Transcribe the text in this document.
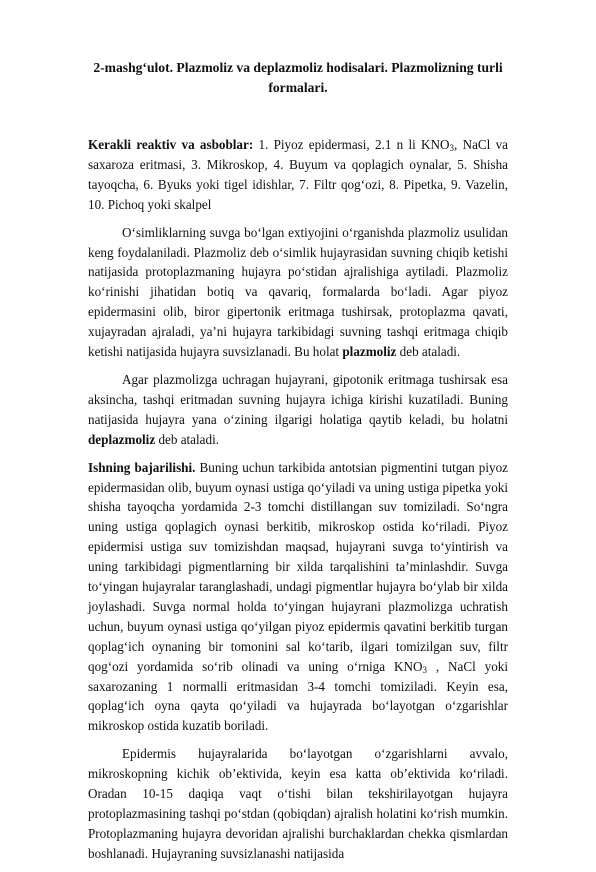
2-mashg‘ulot. Plazmoliz va deplazmoliz hodisalari. Plazmolizning turli
formalari.

Kerakli reaktiv va asboblar: 1. Piyoz epidermasi, 2.1 n li $KNO_3$, NaCl va saxaroza eritmasi, 3. Mikroskop, 4. Buyum va qoplagich oynalar, 5. Shisha tayoqcha, 6. Byuks yoki tigel idishlar, 7. Filtr qog‘ozi, 8. Pipetka, 9. Vazelin, 10. Pichoq yoki skalpel

O‘simliklarning suvga bo‘lgan extiyojini o‘rganishda plazmoliz usulidan keng foydalaniladi. Plazmoliz deb o‘simlik hujayrasidan suvning chiqib ketishi natijasida protoplazmaning hujayra po‘stidan ajralishiga aytiladi. Plazmoliz ko‘rinishi jihatidan botiq va qavariq, formalarda bo‘ladi. Agar piyoz epidermasini olib, biror gipertonik eritmaga tushirsak, protoplazma qavati, xujayradan ajraladi, ya’ni hujayra tarkibidagi suvning tashqi eritmaga chiqib ketishi natijasida hujayra suvsizlanadi. Bu holat plazmoliz deb ataladi.

Agar plazmolizga uchragan hujayrani, gipotonik eritmaga tushirsak esa aksincha, tashqi eritmadan suvning hujayra ichiga kirishi kuzatiladi. Buning natijasida hujayra yana o‘zining ilgarigi holatiga qaytib keladi, bu holatni deplazmoliz deb ataladi.

Ishning bajarilishi. Buning uchun tarkibida antotsian pigmentini tutgan piyoz epidermasidan olib, buyum oynasi ustiga qo‘yiladi va uning ustiga pipetka yoki shisha tayoqcha yordamida 2-3 tomchi distillangan suv tomiziladi. So‘ngra uning ustiga qoplagich oynasi berkitib, mikroskop ostida ko‘riladi. Piyoz epidermisi ustiga suv tomizishdan maqsad, hujayrani suvga to‘yintirish va uning tarkibidagi pigmentlarning bir xilda tarqalishini ta’minlashdir. Suvga to‘yingan hujayralar taranglashadi, undagi pigmentlar hujayra bo‘ylab bir xilda joylashadi. Suvga normal holda to‘yingan hujayrani plazmolizga uchratish uchun, buyum oynasi ustiga qo‘yilgan piyoz epidermis qavatini berkitib turgan qoplag‘ich oynaning bir tomonini sal ko‘tarib, ilgari tomizilgan suv, filtr qog‘ozi yordamida so‘rib olinadi va uning o‘rniga $KNO_3$ , NaCl yoki saxarozaning 1 normalli eritmasidan 3-4 tomchi tomiziladi. Keyin esa, qoplag‘ich oyna qayta qo‘yiladi va hujayrada bo‘layotgan o‘zgarishlar mikroskop ostida kuzatib boriladi.

Epidermis hujayralarida bo‘layotgan o‘zgarishlarni avvalo, mikroskopning kichik ob’ektivida, keyin esa katta ob’ektivida ko‘riladi. Oradan 10-15 daqiqa vaqt o‘tishi bilan tekshirilayotgan hujayra protoplazmasining tashqi po‘stdan (qobiqdan) ajralish holatini ko‘rish mumkin. Protoplazmaning hujayra devoridan ajralishi burchaklardan chekka qismlardan boshlanadi. Hujayraning suvsizlanashi natijasida
